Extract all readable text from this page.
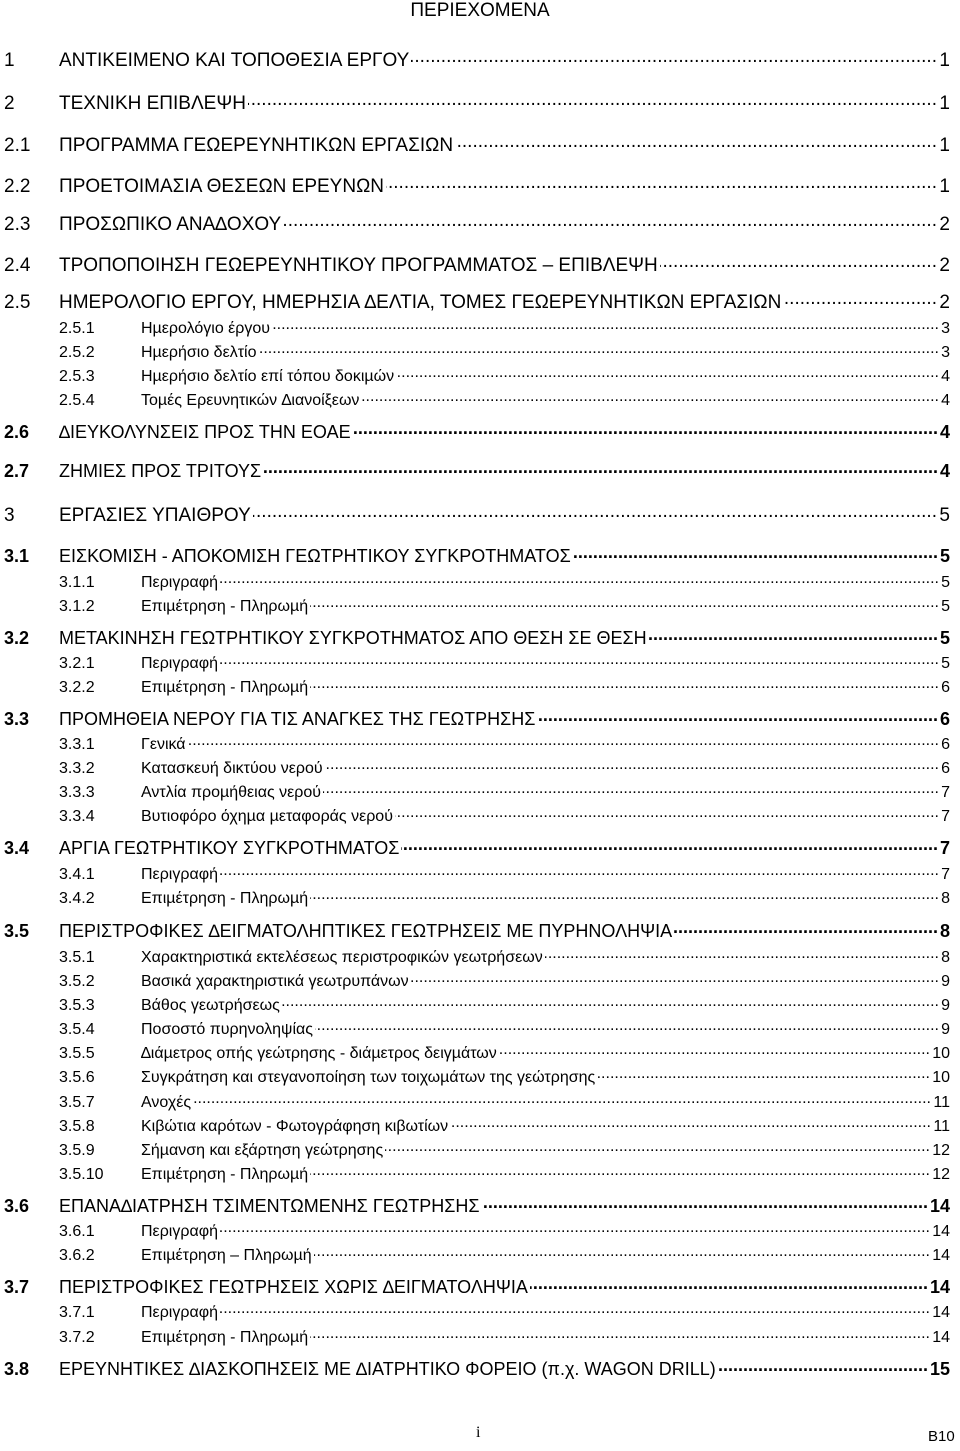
ΠΕΡΙΕΧΟΜΕΝΑ
1 ΑΝΤΙΚΕΙΜΕΝΟ ΚΑΙ ΤΟΠΟΘΕΣΙΑ ΕΡΓΟΥ .....	1
2 ΤΕΧΝΙΚΗ ΕΠΙΒΛΕΨΗ .....	1
2.1 ΠΡΟΓΡΑΜΜΑ ΓΕΩΕΡΕΥΝΗΤΙΚΩΝ ΕΡΓΑΣΙΩΝ .....	1
2.2 ΠΡΟΕΤΟΙΜΑΣΙΑ ΘΕΣΕΩΝ ΕΡΕΥΝΩΝ .....	1
2.3 ΠΡΟΣΩΠΙΚΟ ΑΝΑ∆ΟΧΟΥ .....	2
2.4 ΤΡΟΠΟΠΟΙΗΣΗ ΓΕΩΕΡΕΥΝΗΤΙΚΟΥ ΠΡΟΓΡΑΜΜΑΤΟΣ – ΕΠΙΒΛΕΨΗ .....	2
2.5 ΗΜΕΡΟΛΟΓΙΟ ΕΡΓΟΥ, ΗΜΕΡΗΣΙΑ ∆ΕΛΤΙΑ, ΤΟΜΕΣ ΓΕΩΕΡΕΥΝΗΤΙΚΩΝ ΕΡΓΑΣΙΩΝ .....	2
2.5.1	Ηµερολόγιο έργου .....	3
2.5.2	Ηµερήσιο δελτίο .....	3
2.5.3	Ηµερήσιο δελτίο επί τόπου δοκιµών .....	4
2.5.4	Τοµές Ερευνητικών ∆ιανοίξεων .....	4
2.6 ∆ΙΕΥΚΟΛΥΝΣΕΙΣ ΠΡΟΣ ΤΗΝ ΕΟΑΕ .....	4
2.7 ΖΗΜΙΕΣ ΠΡΟΣ ΤΡΙΤΟΥΣ .....	4
3 ΕΡΓΑΣΙΕΣ ΥΠΑΙΘΡΟΥ .....	5
3.1 ΕΙΣΚΟΜΙΣΗ - ΑΠΟΚΟΜΙΣΗ ΓΕΩΤΡΗΤΙΚΟΥ ΣΥΓΚΡΟΤΗΜΑΤΟΣ .....	5
3.1.1	Περιγραφή .....	5
3.1.2	Επιµέτρηση - Πληρωµή .....	5
3.2 ΜΕΤΑΚΙΝΗΣΗ ΓΕΩΤΡΗΤΙΚΟΥ ΣΥΓΚΡΟΤΗΜΑΤΟΣ ΑΠΟ ΘΕΣΗ ΣΕ ΘΕΣΗ .....	5
3.2.1	Περιγραφή .....	5
3.2.2	Επιµέτρηση - Πληρωµή .....	6
3.3 ΠΡΟΜΗΘΕΙΑ ΝΕΡΟΥ ΓΙΑ ΤΙΣ ΑΝΑΓΚΕΣ ΤΗΣ ΓΕΩΤΡΗΣΗΣ .....	6
3.3.1	Γενικά .....	6
3.3.2	Κατασκευή δικτύου νερού .....	6
3.3.3	Αντλία προµήθειας νερού .....	7
3.3.4	Βυτιοφόρο όχηµα µεταφοράς νερού .....	7
3.4 ΑΡΓΙΑ ΓΕΩΤΡΗΤΙΚΟΥ ΣΥΓΚΡΟΤΗΜΑΤΟΣ .....	7
3.4.1	Περιγραφή .....	7
3.4.2	Επιµέτρηση - Πληρωµή .....	8
3.5 ΠΕΡΙΣΤΡΟΦΙΚΕΣ ∆ΕΙΓΜΑΤΟΛΗΠΤΙΚΕΣ ΓΕΩΤΡΗΣΕΙΣ ΜΕ ΠΥΡΗΝΟΛΗΨΙΑ .....	8
3.5.1	Χαρακτηριστικά εκτελέσεως περιστροφικών γεωτρήσεων .....	8
3.5.2	Βασικά χαρακτηριστικά γεωτρυπάνων .....	9
3.5.3	Βάθος γεωτρήσεως .....	9
3.5.4	Ποσοστό πυρηνοληψίας .....	9
3.5.5	∆ιάµετρος οπής γεώτρησης - διάµετρος δειγµάτων .....	10
3.5.6	Συγκράτηση και στεγανοποίηση των τοιχωµάτων της γεώτρησης .....	10
3.5.7	Ανοχές .....	11
3.5.8	Κιβώτια καρότων - Φωτογράφηση κιβωτίων .....	11
3.5.9	Σήµανση και εξάρτηση γεώτρησης .....	12
3.5.10 Επιµέτρηση - Πληρωµή .....	12
3.6 ΕΠΑΝΑ∆ΙΑΤΡΗΣΗ ΤΣΙΜΕΝΤΩΜΕΝΗΣ ΓΕΩΤΡΗΣΗΣ .....	14
3.6.1	Περιγραφή .....	14
3.6.2	Επιµέτρηση – Πληρωµή .....	14
3.7 ΠΕΡΙΣΤΡΟΦΙΚΕΣ ΓΕΩΤΡΗΣΕΙΣ ΧΩΡΙΣ ∆ΕΙΓΜΑΤΟΛΗΨΙΑ .....	14
3.7.1	Περιγραφή .....	14
3.7.2	Επιµέτρηση - Πληρωµή .....	14
3.8 ΕΡΕΥΝΗΤΙΚΕΣ ∆ΙΑΣΚΟΠΗΣΕΙΣ ΜΕ ∆ΙΑΤΡΗΤΙΚΟ ΦΟΡΕΙΟ (π.χ. WAGON DRILL) .....	15
i	B10
